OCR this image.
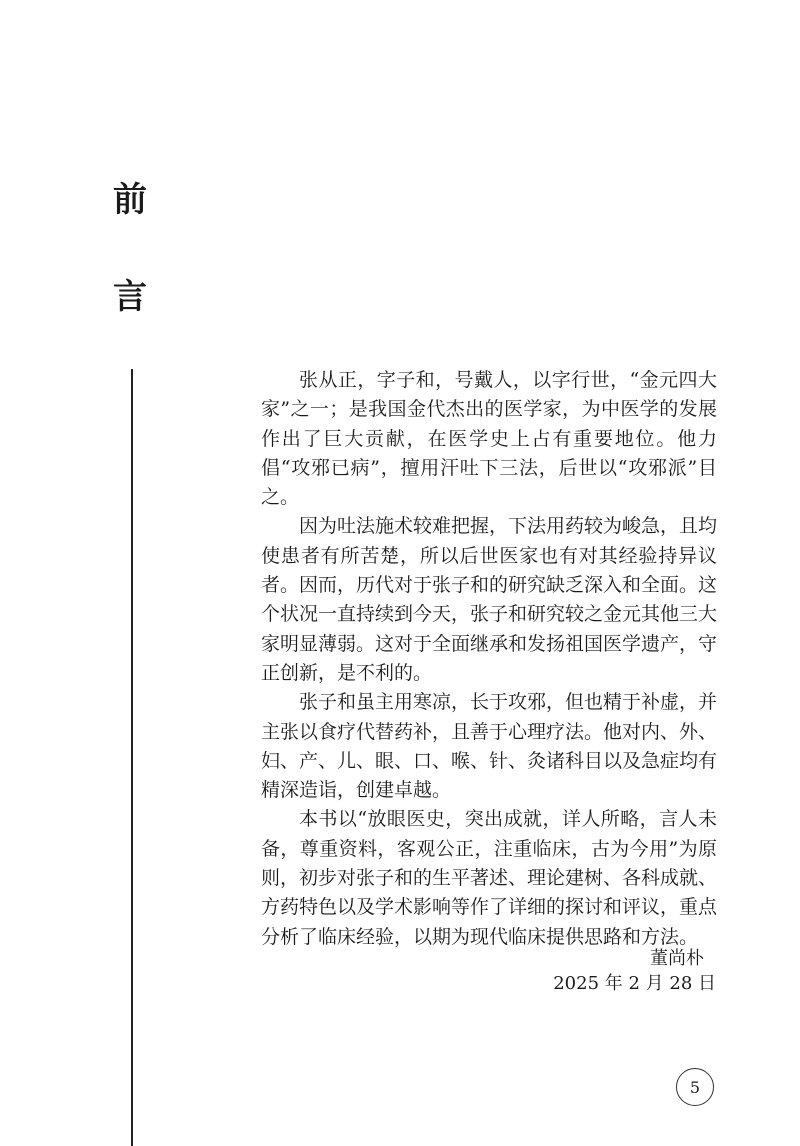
前
言

张从正，字子和，号戴人，以字行世，“金元四大家”之一；是我国金代杰出的医学家，为中医学的发展作出了巨大贡献，在医学史上占有重要地位。他力倡“攻邪已病”，擅用汗吐下三法，后世以“攻邪派”目之。

因为吐法施术较难把握，下法用药较为峻急，且均使患者有所苦楚，所以后世医家也有对其经验持异议者。因而，历代对于张子和的研究缺乏深入和全面。这个状况一直持续到今天，张子和研究较之金元其他三大家明显薄弱。这对于全面继承和发扬祖国医学遗产，守正创新，是不利的。

张子和虽主用寒凉，长于攻邪，但也精于补虚，并主张以食疗代替药补，且善于心理疗法。他对内、外、妇、产、儿、眼、口、喉、针、灸诸科目以及急症均有精深造诣，创建卓越。

本书以“放眼医史，突出成就，详人所略，言人未备，尊重资料，客观公正，注重临床，古为今用”为原则，初步对张子和的生平著述、理论建树、各科成就、方药特色以及学术影响等作了详细的探讨和评议，重点分析了临床经验，以期为现代临床提供思路和方法。

董尚朴
2025 年 2 月 28 日
5
